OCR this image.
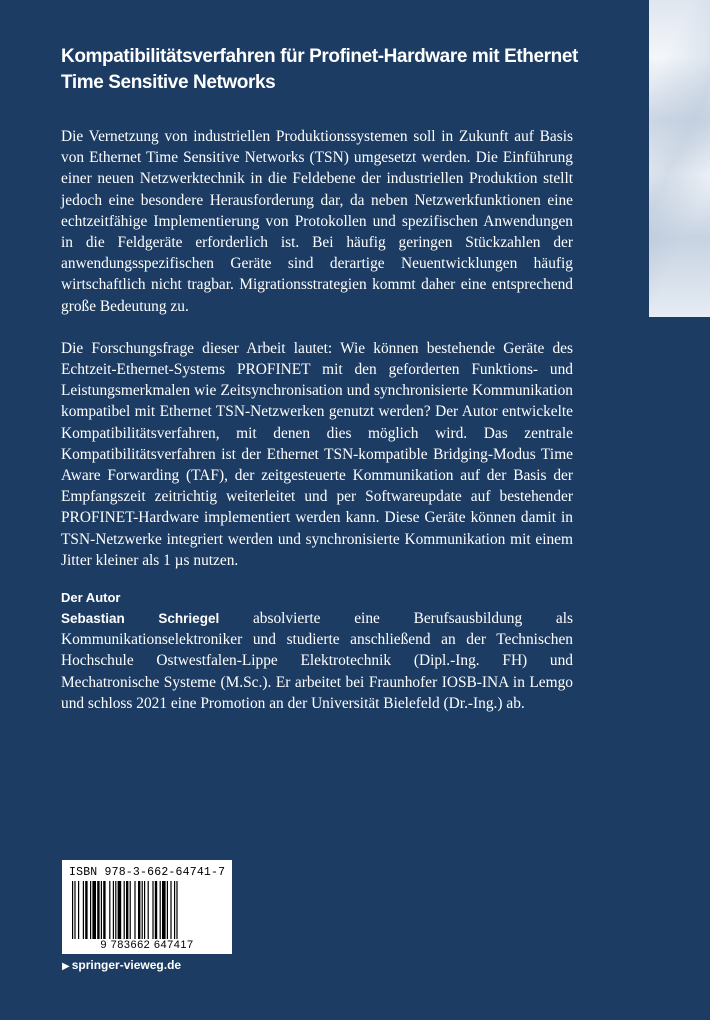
Kompatibilitätsverfahren für Profinet-Hardware mit Ethernet Time Sensitive Networks

Die Vernetzung von industriellen Produktionssystemen soll in Zukunft auf Basis von Ethernet Time Sensitive Networks (TSN) umgesetzt werden. Die Einführung einer neuen Netzwerktechnik in die Feldebene der industriellen Produktion stellt jedoch eine besondere Herausforderung dar, da neben Netzwerkfunktionen eine echtzeitfähige Implementierung von Protokollen und spezifischen Anwendungen in die Feldgeräte erforderlich ist. Bei häufig geringen Stückzahlen der anwendungsspezifischen Geräte sind derartige Neuentwicklungen häufig wirtschaftlich nicht tragbar. Migrationsstrategien kommt daher eine entsprechend große Bedeutung zu.

Die Forschungsfrage dieser Arbeit lautet: Wie können bestehende Geräte des Echtzeit-Ethernet-Systems PROFINET mit den geforderten Funktions- und Leistungsmerkmalen wie Zeitsynchronisation und synchronisierte Kommunikation kompatibel mit Ethernet TSN-Netzwerken genutzt werden? Der Autor entwickelte Kompatibilitätsverfahren, mit denen dies möglich wird. Das zentrale Kompatibilitätsverfahren ist der Ethernet TSN-kompatible Bridging-Modus Time Aware Forwarding (TAF), der zeitgesteuerte Kommunikation auf der Basis der Empfangszeit zeitrichtig weiterleitet und per Softwareupdate auf bestehender PROFINET-Hardware implementiert werden kann. Diese Geräte können damit in TSN-Netzwerke integriert werden und synchronisierte Kommunikation mit einem Jitter kleiner als 1 µs nutzen.

Der Autor

Sebastian Schriegel absolvierte eine Berufsausbildung als Kommunikationselektroniker und studierte anschließend an der Technischen Hochschule Ostwestfalen-Lippe Elektrotechnik (Dipl.-Ing. FH) und Mechatronische Systeme (M.Sc.). Er arbeitet bei Fraunhofer IOSB-INA in Lemgo und schloss 2021 eine Promotion an der Universität Bielefeld (Dr.-Ing.) ab.

ISBN 978-3-662-64741-7
9 783662 647417
▶ springer-vieweg.de
